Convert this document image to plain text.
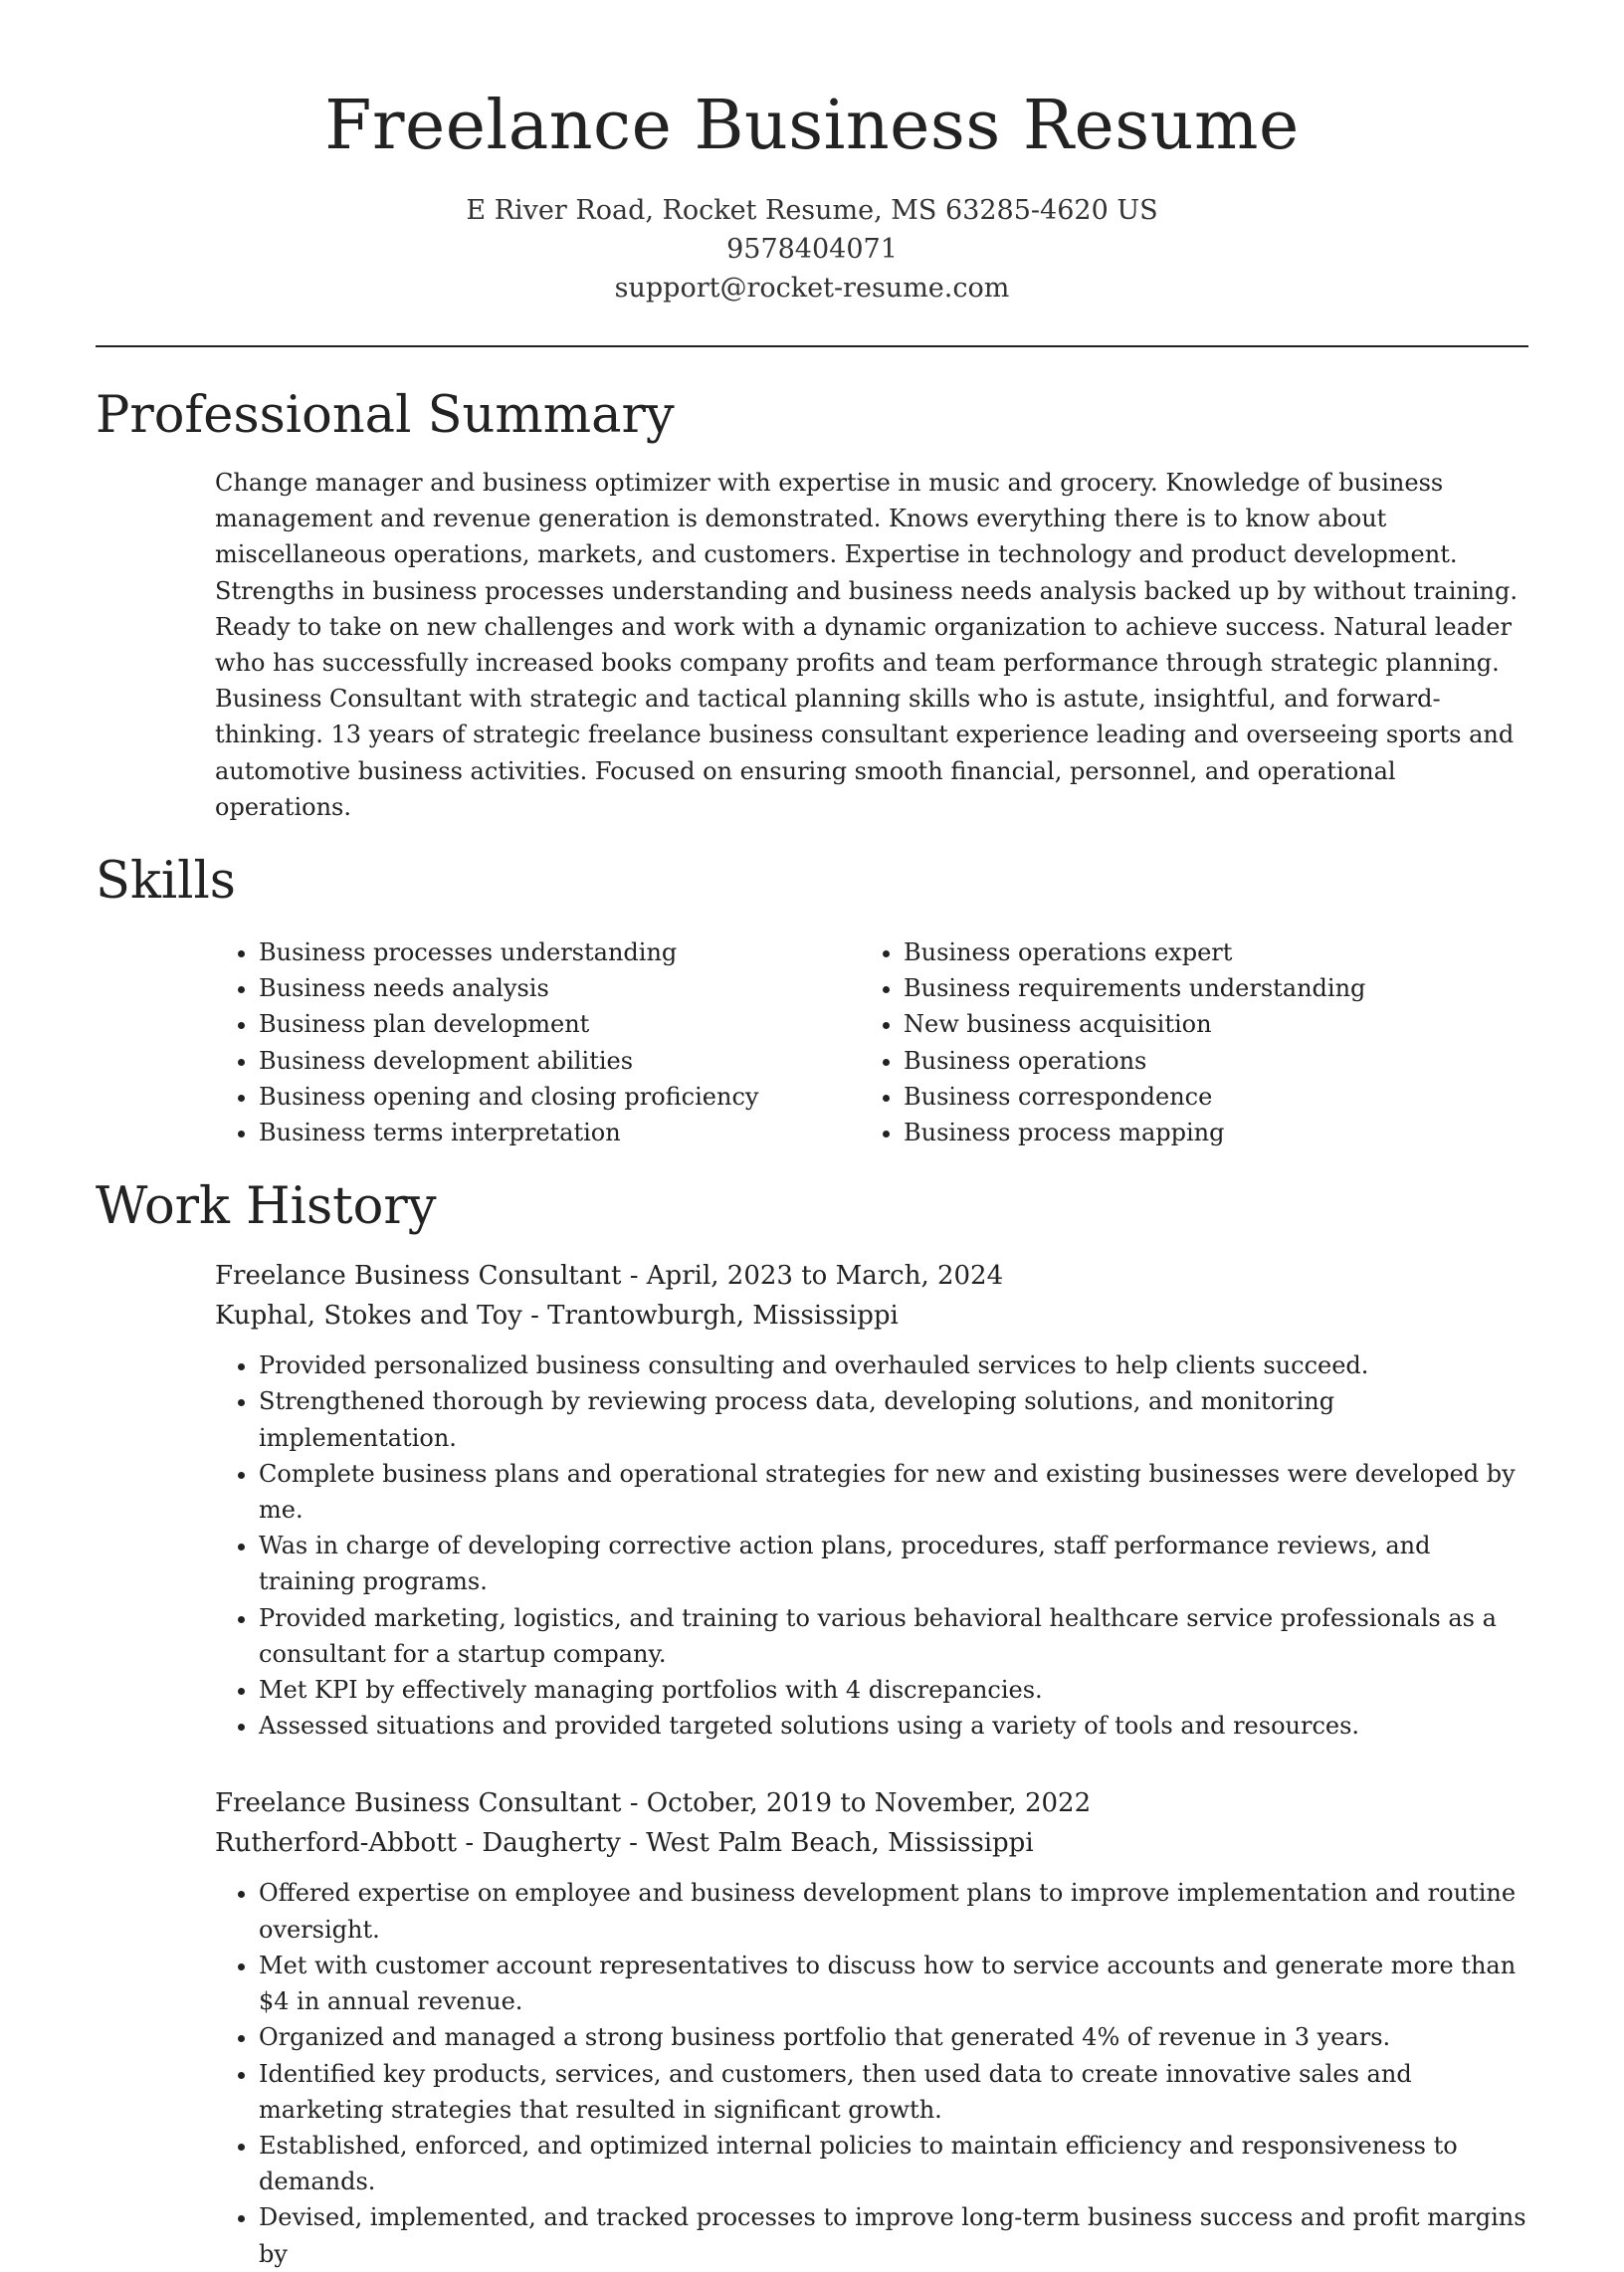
Freelance Business Resume
E River Road, Rocket Resume, MS 63285-4620 US
9578404071
support@rocket-resume.com
Professional Summary

Change manager and business optimizer with expertise in music and grocery. Knowledge of business management and revenue generation is demonstrated. Knows everything there is to know about miscellaneous operations, markets, and customers. Expertise in technology and product development. Strengths in business processes understanding and business needs analysis backed up by without training. Ready to take on new challenges and work with a dynamic organization to achieve success. Natural leader who has successfully increased books company profits and team performance through strategic planning. Business Consultant with strategic and tactical planning skills who is astute, insightful, and forward-thinking. 13 years of strategic freelance business consultant experience leading and overseeing sports and automotive business activities. Focused on ensuring smooth financial, personnel, and operational operations.

Skills
• Business processes understanding
• Business needs analysis
• Business plan development
• Business development abilities
• Business opening and closing proficiency
• Business terms interpretation
• Business operations expert
• Business requirements understanding
• New business acquisition
• Business operations
• Business correspondence
• Business process mapping
Work History
Freelance Business Consultant - April, 2023 to March, 2024
Kuphal, Stokes and Toy - Trantowburgh, Mississippi
• Provided personalized business consulting and overhauled services to help clients succeed.
• Strengthened thorough by reviewing process data, developing solutions, and monitoring implementation.
• Complete business plans and operational strategies for new and existing businesses were developed by me.
• Was in charge of developing corrective action plans, procedures, staff performance reviews, and training programs.
• Provided marketing, logistics, and training to various behavioral healthcare service professionals as a consultant for a startup company.
• Met KPI by effectively managing portfolios with 4 discrepancies.
• Assessed situations and provided targeted solutions using a variety of tools and resources.
Freelance Business Consultant - October, 2019 to November, 2022
Rutherford-Abbott - Daugherty - West Palm Beach, Mississippi
• Offered expertise on employee and business development plans to improve implementation and routine oversight.
• Met with customer account representatives to discuss how to service accounts and generate more than $4 in annual revenue.
• Organized and managed a strong business portfolio that generated 4% of revenue in 3 years.
• Identified key products, services, and customers, then used data to create innovative sales and marketing strategies that resulted in significant growth.
• Established, enforced, and optimized internal policies to maintain efficiency and responsiveness to demands.
• Devised, implemented, and tracked processes to improve long-term business success and profit margins by
